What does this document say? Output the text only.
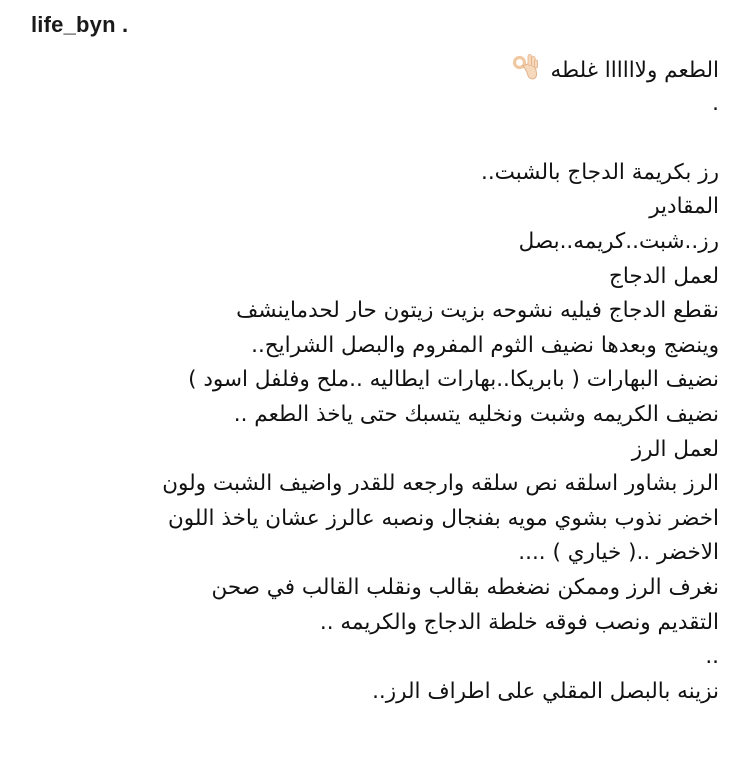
life_byn .
الطعم ولاااااا غلطه
.
رز بكريمة الدجاج بالشبت..
المقادير
رز..شبت..كريمه..بصل
لعمل الدجاج
نقطع الدجاج فيليه نشوحه بزيت زيتون حار لحدماينشف
وينضج وبعدها نضيف الثوم المفروم والبصل الشرايح..
نضيف البهارات ( بابريكا..بهارات ايطاليه ..ملح وفلفل اسود )
نضيف الكريمه وشبت ونخليه يتسبك حتى ياخذ الطعم ..
لعمل الرز
الرز بشاور اسلقه نص سلقه وارجعه للقدر واضيف الشبت ولون
اخضر نذوب بشوي مويه بفنجال ونصبه عالرز عشان ياخذ اللون
الاخضر ..( خياري ) ....
نغرف الرز وممكن نضغطه بقالب ونقلب القالب في صحن
التقديم ونصب فوقه خلطة الدجاج والكريمه ..
..
نزينه بالبصل المقلي على اطراف الرز..
